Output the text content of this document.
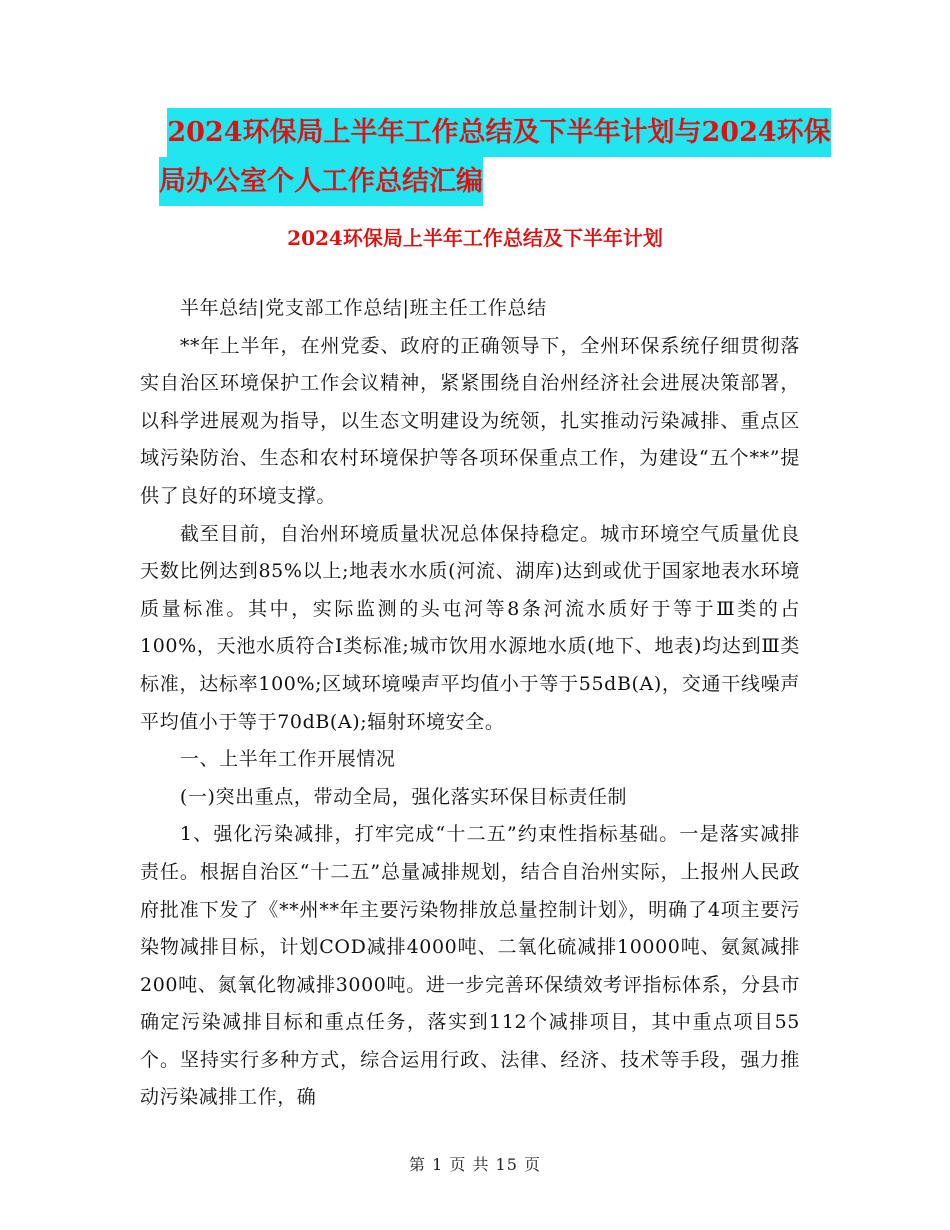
2024环保局上半年工作总结及下半年计划与2024环保
局办公室个人工作总结汇编
2024环保局上半年工作总结及下半年计划

半年总结|党支部工作总结|班主任工作总结

**年上半年，在州党委、政府的正确领导下，全州环保系统仔细贯彻落实自治区环境保护工作会议精神，紧紧围绕自治州经济社会进展决策部署，以科学进展观为指导，以生态文明建设为统领，扎实推动污染减排、重点区域污染防治、生态和农村环境保护等各项环保重点工作，为建设“五个**”提供了良好的环境支撑。

截至目前，自治州环境质量状况总体保持稳定。城市环境空气质量优良天数比例达到85%以上;地表水水质(河流、湖库)达到或优于国家地表水环境质量标准。其中，实际监测的头屯河等8条河流水质好于等于Ⅲ类的占100%，天池水质符合Ⅰ类标准;城市饮用水源地水质(地下、地表)均达到Ⅲ类标准，达标率100%;区域环境噪声平均值小于等于55dB(A)，交通干线噪声平均值小于等于70dB(A);辐射环境安全。

一、上半年工作开展情况

(一)突出重点，带动全局，强化落实环保目标责任制

1、强化污染减排，打牢完成“十二五”约束性指标基础。一是落实减排责任。根据自治区“十二五”总量减排规划，结合自治州实际，上报州人民政府批准下发了《**州**年主要污染物排放总量控制计划》，明确了4项主要污染物减排目标，计划COD减排4000吨、二氧化硫减排10000吨、氨氮减排200吨、氮氧化物减排3000吨。进一步完善环保绩效考评指标体系，分县市确定污染减排目标和重点任务，落实到112个减排项目，其中重点项目55个。坚持实行多种方式，综合运用行政、法律、经济、技术等手段，强力推动污染减排工作，确

第 1 页 共 15 页
